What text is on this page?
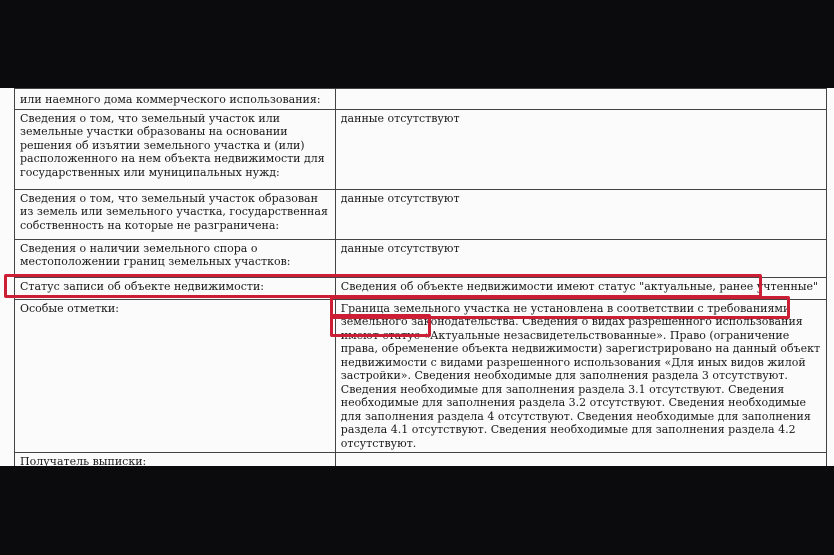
или наемного дома коммерческого использования:	
Сведения о том, что земельный участок или земельные участки образованы на основании решения об изъятии земельного участка и (или) расположенного на нем объекта недвижимости для государственных или муниципальных нужд:	данные отсутствуют
Сведения о том, что земельный участок образован из земель или земельного участка, государственная собственность на которые не разграничена:	данные отсутствуют
Сведения о наличии земельного спора о местоположении границ земельных участков:	данные отсутствуют
Статус записи об объекте недвижимости:	Сведения об объекте недвижимости имеют статус "актуальные, ранее учтенные"
Особые отметки:	Граница земельного участка не установлена в соответствии с требованиями земельного законодательства. Сведения о видах разрешенного использования имеют статус «Актуальные незасвидетельствованные». Право (ограничение права, обременение объекта недвижимости) зарегистрировано на данный объект недвижимости с видами разрешенного использования «Для иных видов жилой застройки». Сведения необходимые для заполнения раздела 3 отсутствуют. Сведения необходимые для заполнения раздела 3.1 отсутствуют. Сведения необходимые для заполнения раздела 3.2 отсутствуют. Сведения необходимые для заполнения раздела 4 отсутствуют. Сведения необходимые для заполнения раздела 4.1 отсутствуют. Сведения необходимые для заполнения раздела 4.2 отсутствуют.
Получатель выписки:	
